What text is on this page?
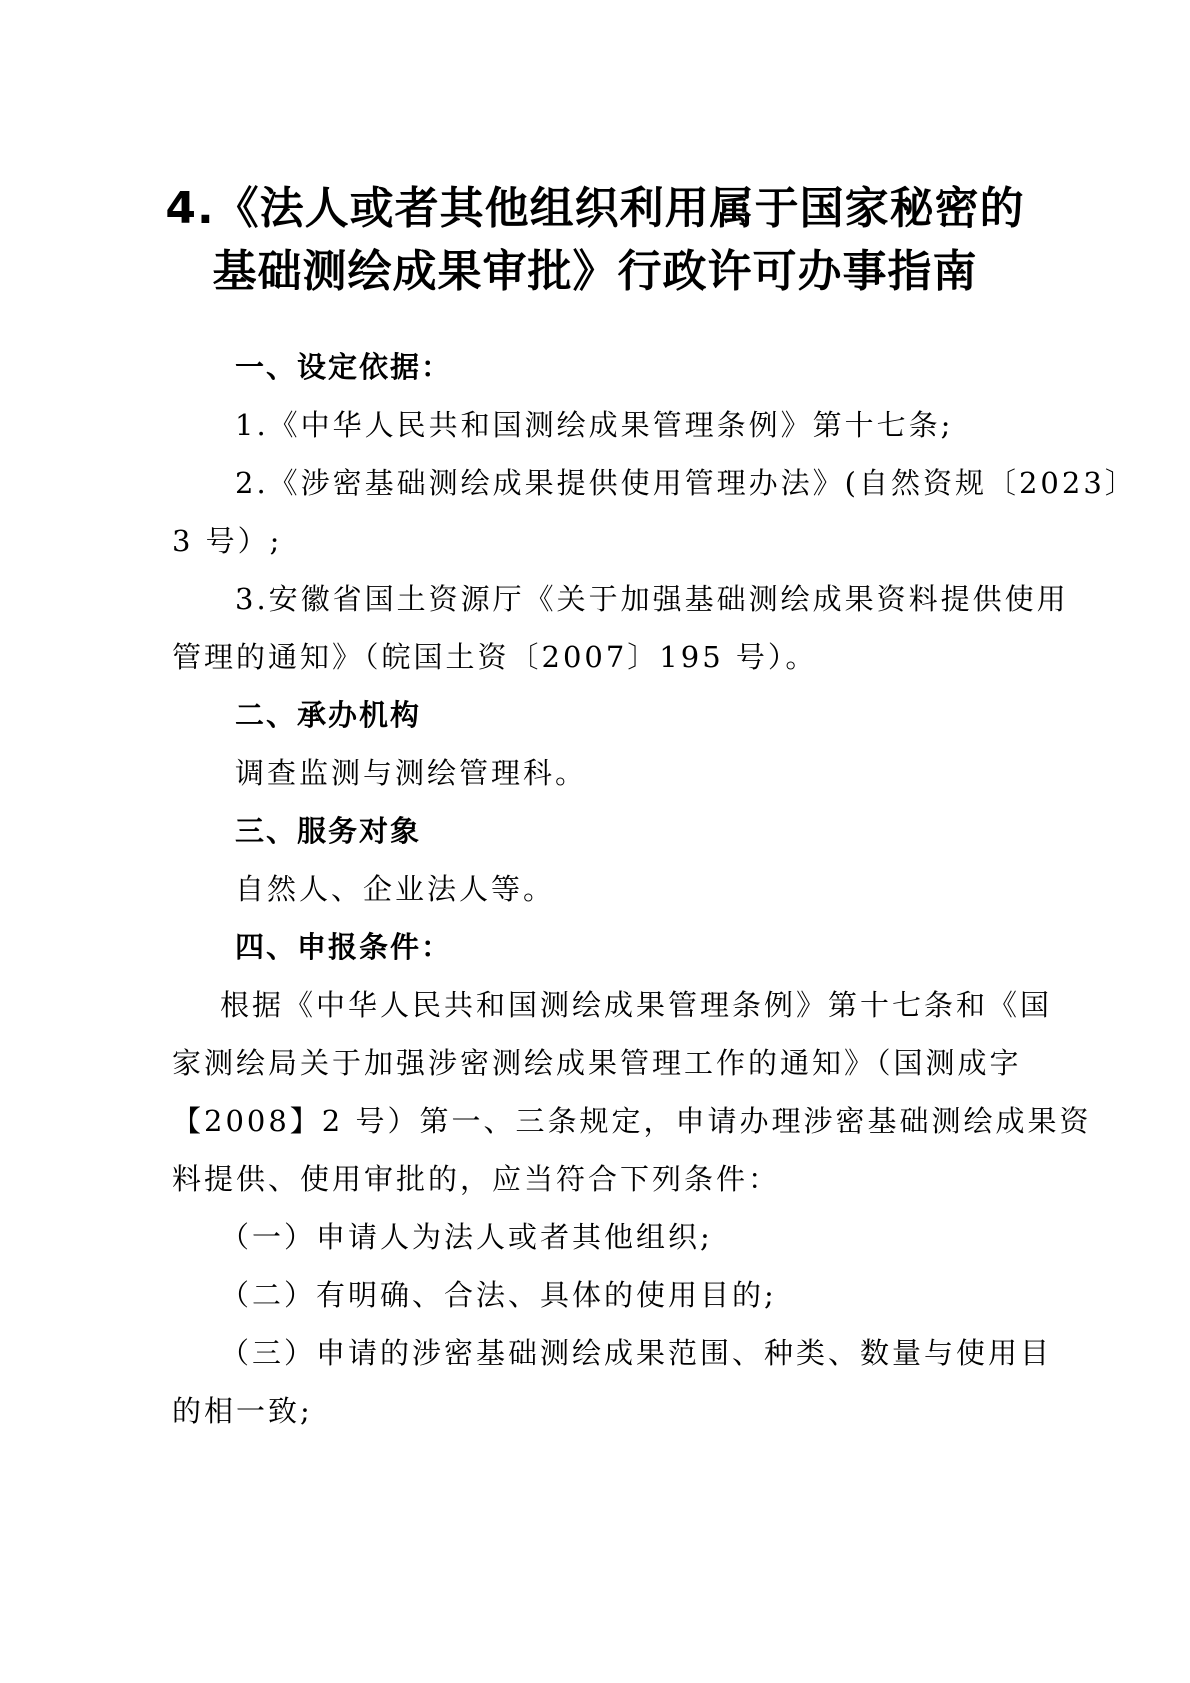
4.《法人或者其他组织利用属于国家秘密的
基础测绘成果审批》行政许可办事指南
一、设定依据：
1.《中华人民共和国测绘成果管理条例》第十七条;
2.《涉密基础测绘成果提供使用管理办法》(自然资规〔2023〕
3 号）;
3.安徽省国土资源厅《关于加强基础测绘成果资料提供使用
管理的通知》（皖国土资〔2007〕195 号）。
二、承办机构
调查监测与测绘管理科。
三、服务对象
自然人、企业法人等。
四、申报条件：
根据《中华人民共和国测绘成果管理条例》第十七条和《国
家测绘局关于加强涉密测绘成果管理工作的通知》（国测成字
【2008】2 号）第一、三条规定，申请办理涉密基础测绘成果资
料提供、使用审批的，应当符合下列条件：
（一）申请人为法人或者其他组织;
（二）有明确、合法、具体的使用目的;
（三）申请的涉密基础测绘成果范围、种类、数量与使用目
的相一致;
